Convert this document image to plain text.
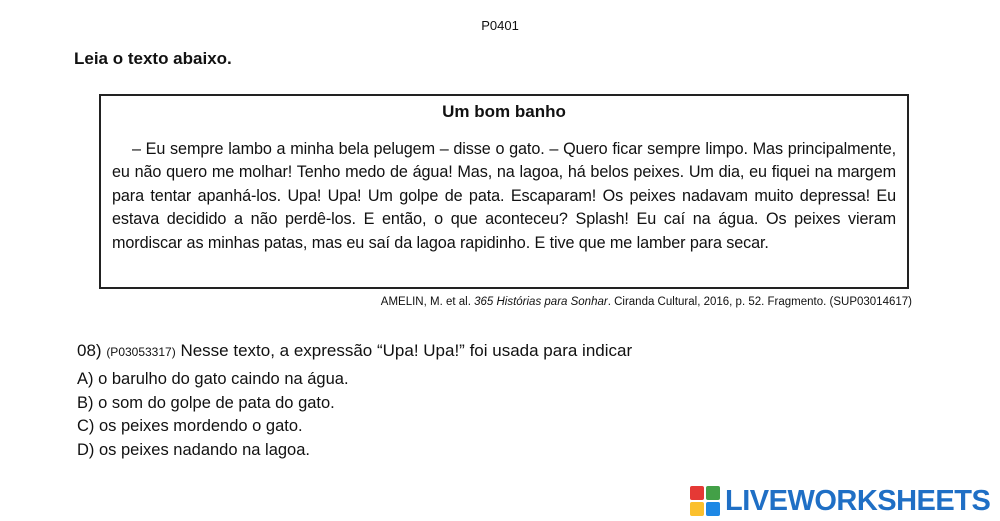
P0401
Leia o texto abaixo.

Um bom banho

– Eu sempre lambo a minha bela pelugem – disse o gato. – Quero ficar sempre limpo. Mas principalmente, eu não quero me molhar! Tenho medo de água! Mas, na lagoa, há belos peixes. Um dia, eu fiquei na margem para tentar apanhá-los. Upa! Upa! Um golpe de pata. Escaparam! Os peixes nadavam muito depressa! Eu estava decidido a não perdê-los. E então, o que aconteceu? Splash! Eu caí na água. Os peixes vieram mordiscar as minhas patas, mas eu saí da lagoa rapidinho. E tive que me lamber para secar.

AMELIN, M. et al. 365 Histórias para Sonhar. Ciranda Cultural, 2016, p. 52. Fragmento. (SUP03014617)
08) (P03053317) Nesse texto, a expressão “Upa! Upa!” foi usada para indicar
A) o barulho do gato caindo na água.
B) o som do golpe de pata do gato.
C) os peixes mordendo o gato.
D) os peixes nadando na lagoa.
LIVEWORKSHEETS
